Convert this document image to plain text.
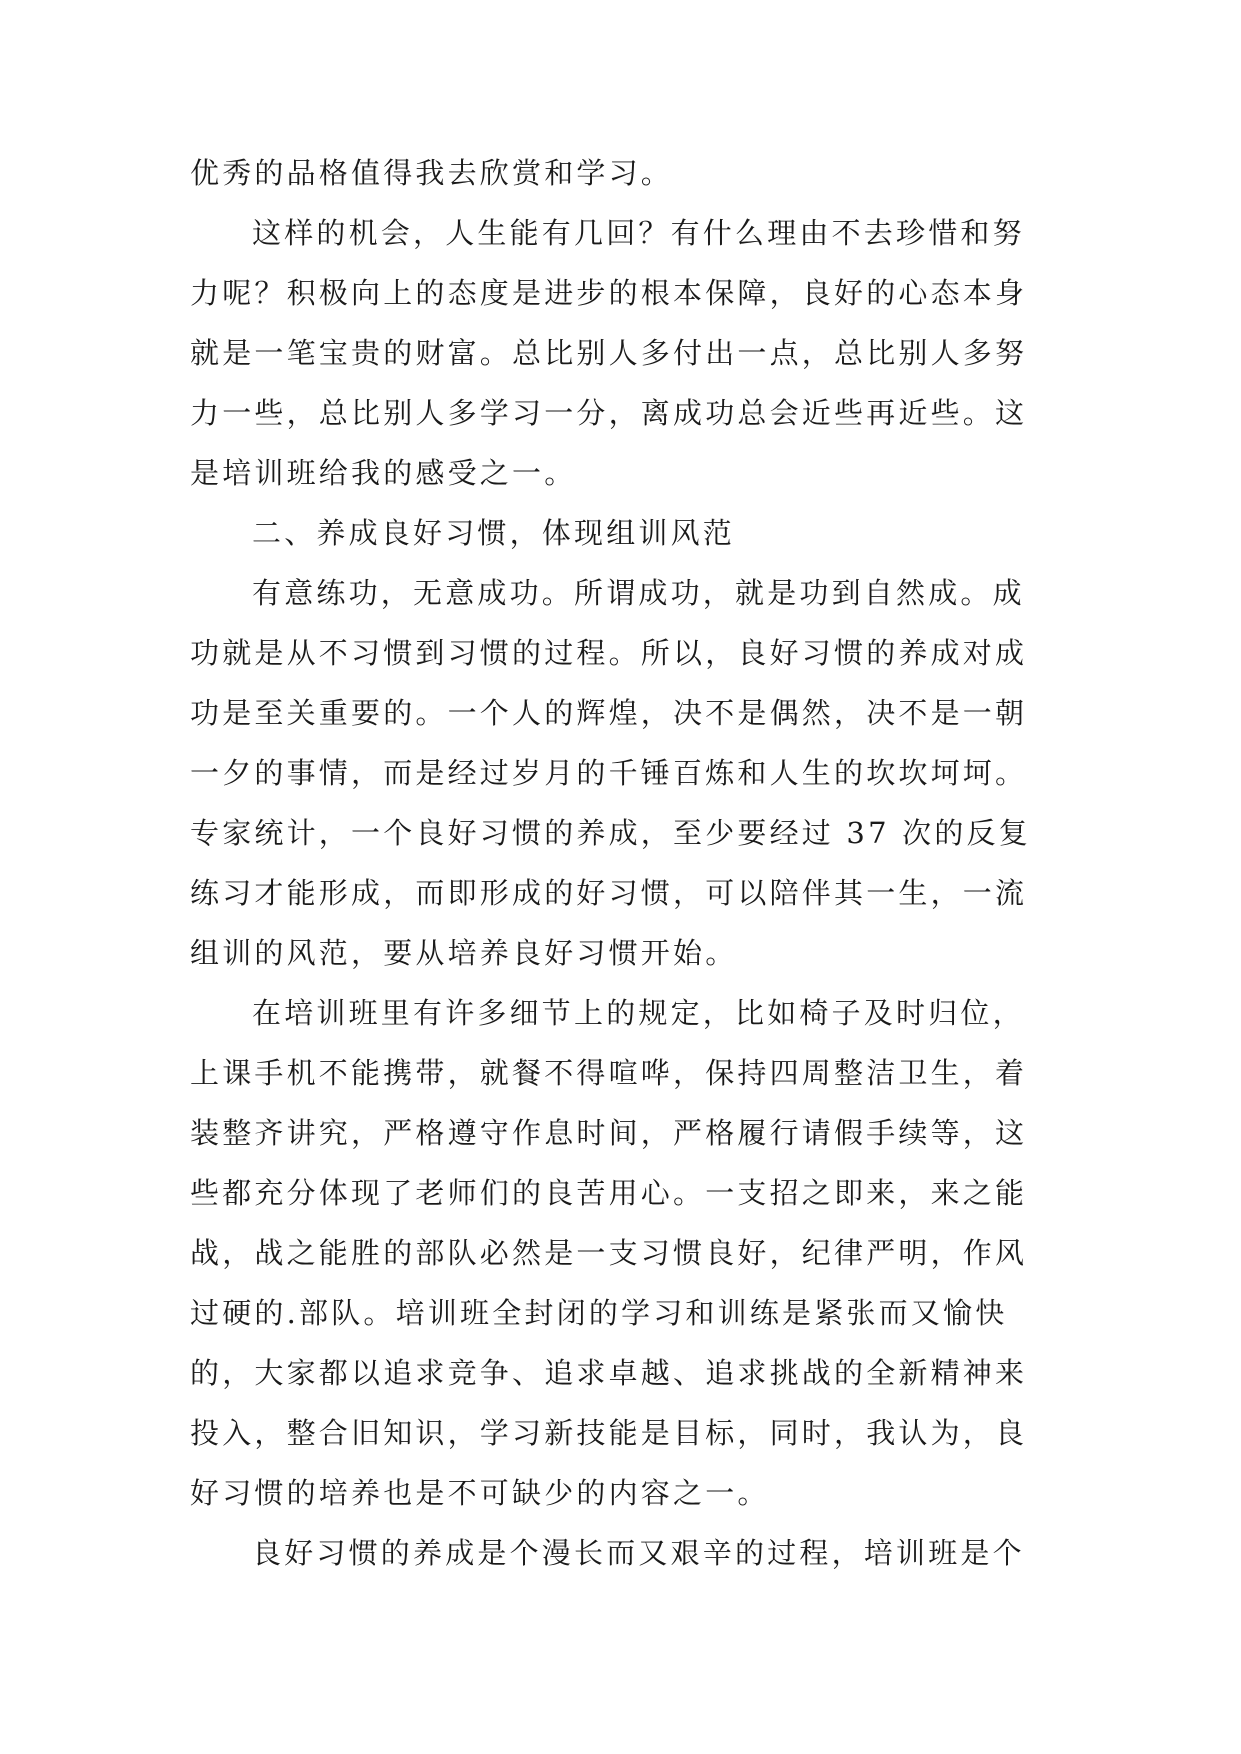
优秀的品格值得我去欣赏和学习。
这样的机会，人生能有几回？有什么理由不去珍惜和努
力呢？积极向上的态度是进步的根本保障，良好的心态本身
就是一笔宝贵的财富。总比别人多付出一点，总比别人多努
力一些，总比别人多学习一分，离成功总会近些再近些。这
是培训班给我的感受之一。
二、养成良好习惯，体现组训风范
有意练功，无意成功。所谓成功，就是功到自然成。成
功就是从不习惯到习惯的过程。所以，良好习惯的养成对成
功是至关重要的。一个人的辉煌，决不是偶然，决不是一朝
一夕的事情，而是经过岁月的千锤百炼和人生的坎坎坷坷。
专家统计，一个良好习惯的养成，至少要经过 37 次的反复
练习才能形成，而即形成的好习惯，可以陪伴其一生，一流
组训的风范，要从培养良好习惯开始。
在培训班里有许多细节上的规定，比如椅子及时归位，
上课手机不能携带，就餐不得喧哗，保持四周整洁卫生，着
装整齐讲究，严格遵守作息时间，严格履行请假手续等，这
些都充分体现了老师们的良苦用心。一支招之即来，来之能
战，战之能胜的部队必然是一支习惯良好，纪律严明，作风
过硬的.部队。培训班全封闭的学习和训练是紧张而又愉快
的，大家都以追求竞争、追求卓越、追求挑战的全新精神来
投入，整合旧知识，学习新技能是目标，同时，我认为，良
好习惯的培养也是不可缺少的内容之一。
良好习惯的养成是个漫长而又艰辛的过程，培训班是个
